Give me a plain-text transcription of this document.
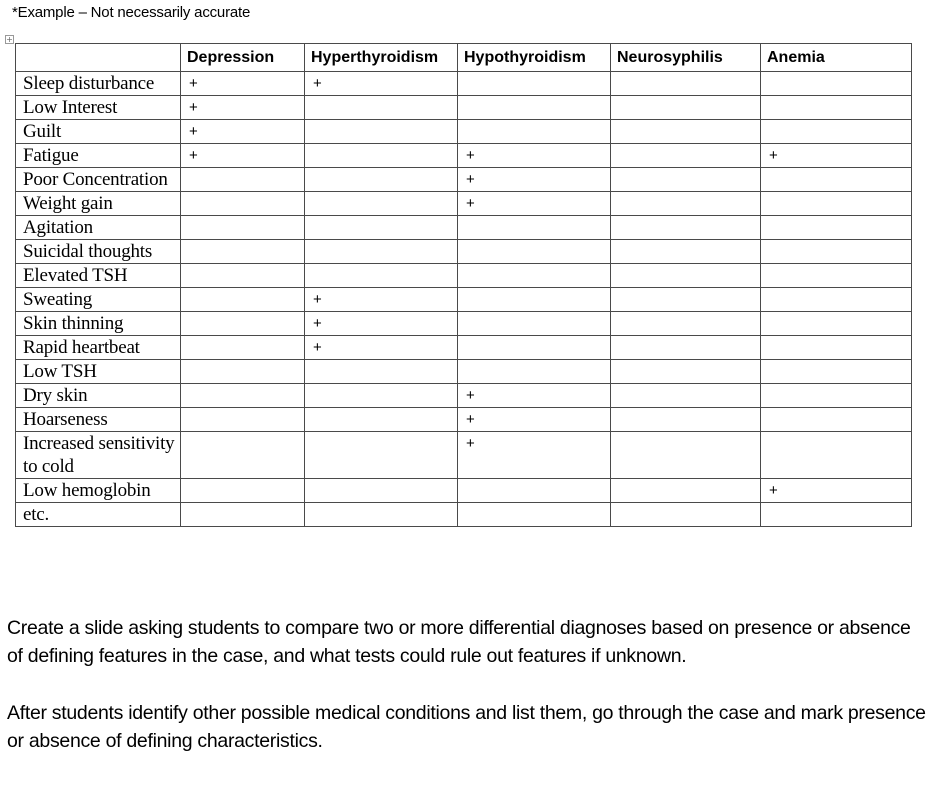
*Example – Not necessarily accurate
+
	Depression	Hyperthyroidism	Hypothyroidism	Neurosyphilis	Anemia
Sleep disturbance	+	+			
Low Interest	+				
Guilt	+				
Fatigue	+		+		+
Poor Concentration			+		
Weight gain			+		
Agitation					
Suicidal thoughts					
Elevated TSH					
Sweating		+			
Skin thinning		+			
Rapid heartbeat		+			
Low TSH					
Dry skin			+		
Hoarseness			+		
Increased sensitivity to cold			+		
Low hemoglobin					+
etc.					

Create a slide asking students to compare two or more differential diagnoses based on presence or absence of defining features in the case, and what tests could rule out features if unknown.

After students identify other possible medical conditions and list them, go through the case and mark presence or absence of defining characteristics.
